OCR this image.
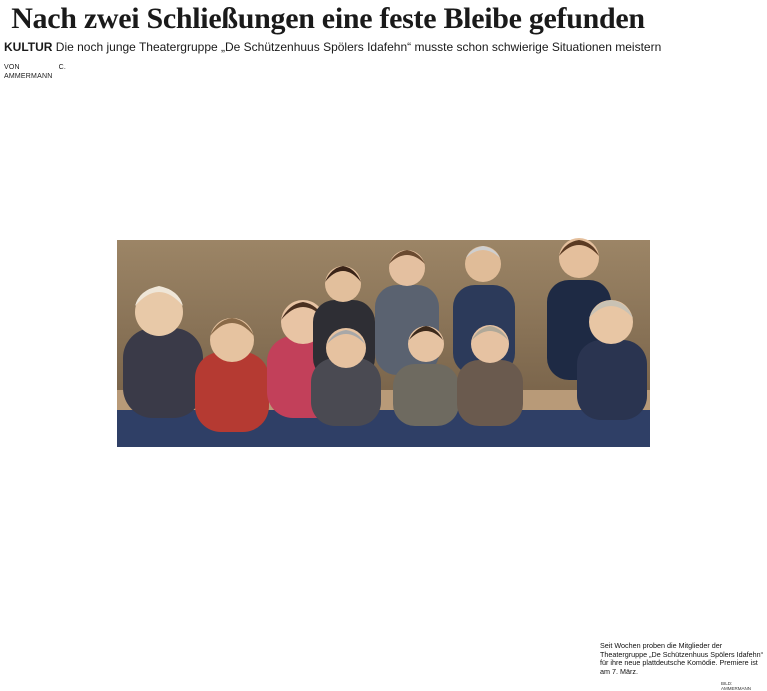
Nach zwei Schließungen eine feste Bleibe gefunden
KULTUR Die noch junge Theatergruppe „De Schützenhuus Spölers Idafehn“ musste schon schwierige Situationen meistern
VON C. AMMERMANN
Seit Wochen proben die Mitglieder der Theatergruppe „De Schützenhuus Spölers Idafehn“ für ihre neue plattdeutsche Komödie. Premiere ist am 7. März.
BILD: AMMERMANN
